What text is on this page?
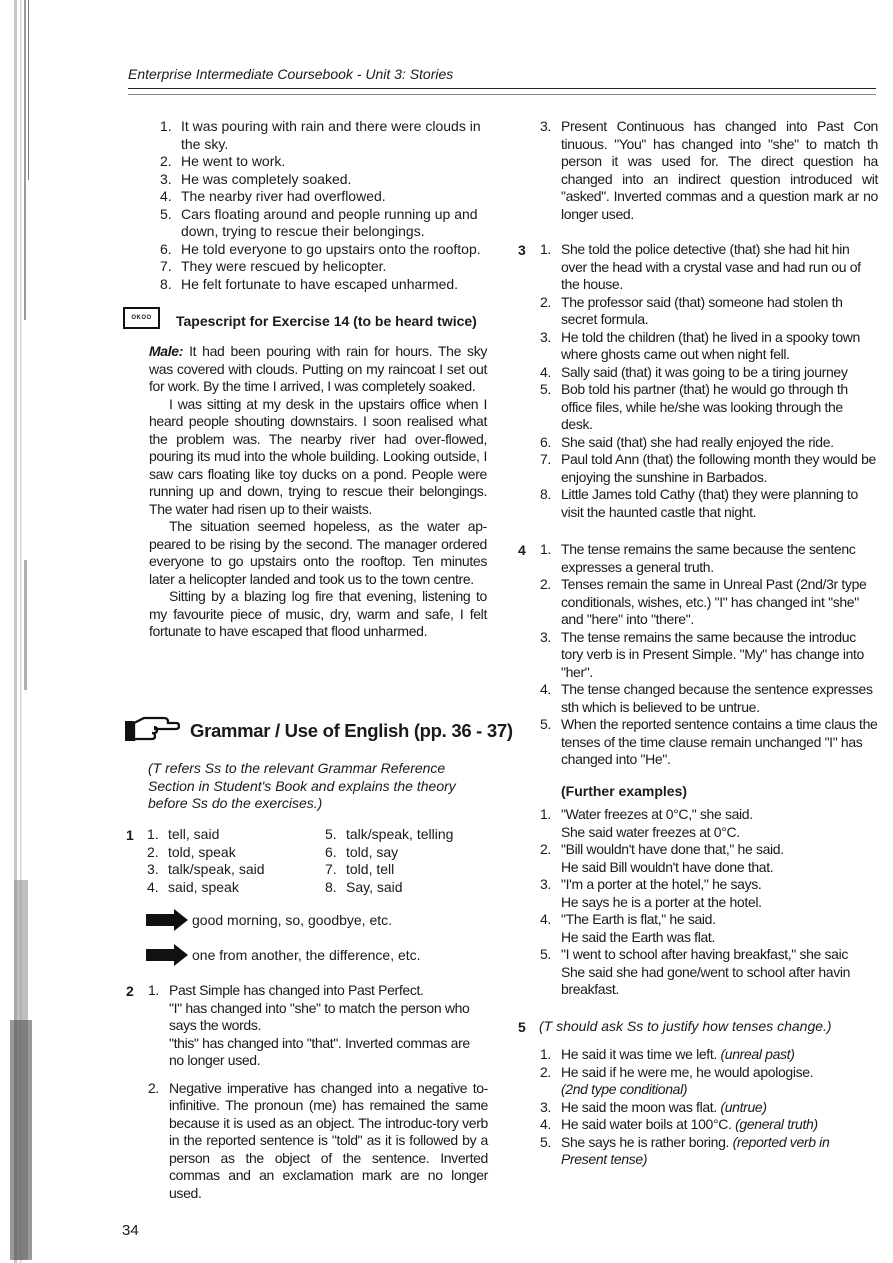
Enterprise Intermediate Coursebook - Unit 3: Stories
1. It was pouring with rain and there were clouds in the sky.
2. He went to work.
3. He was completely soaked.
4. The nearby river had overflowed.
5. Cars floating around and people running up and down, trying to rescue their belongings.
6. He told everyone to go upstairs onto the rooftop.
7. They were rescued by helicopter.
8. He felt fortunate to have escaped unharmed.
OKOO Tapescript for Exercise 14 (to be heard twice)

Male: It had been pouring with rain for hours. The sky was covered with clouds. Putting on my raincoat I set out for work. By the time I arrived, I was completely soaked.

I was sitting at my desk in the upstairs office when I heard people shouting downstairs. I soon realised what the problem was. The nearby river had over-flowed, pouring its mud into the whole building. Looking outside, I saw cars floating like toy ducks on a pond. People were running up and down, trying to rescue their belongings. The water had risen up to their waists.

The situation seemed hopeless, as the water ap-peared to be rising by the second. The manager ordered everyone to go upstairs onto the rooftop. Ten minutes later a helicopter landed and took us to the town centre.

Sitting by a blazing log fire that evening, listening to my favourite piece of music, dry, warm and safe, I felt fortunate to have escaped that flood unharmed.

Grammar / Use of English (pp. 36 - 37)
(T refers Ss to the relevant Grammar Reference Section in Student's Book and explains the theory before Ss do the exercises.)
1 1. tell, said
2. told, speak
3. talk/speak, said
4. said, speak
5. talk/speak, telling
6. told, say
7. told, tell
8. Say, said
good morning, so, goodbye, etc.
one from another, the difference, etc.
2 1. Past Simple has changed into Past Perfect.
"I" has changed into "she" to match the person who says the words.
"this" has changed into "that". Inverted commas are no longer used.
2. Negative imperative has changed into a negative to-infinitive. The pronoun (me) has remained the same because it is used as an object. The introduc-tory verb in the reported sentence is "told" as it is followed by a person as the object of the sentence. Inverted commas and an exclamation mark are no longer used.
34
3. Present Continuous has changed into Past Con tinuous. "You" has changed into "she" to match th person it was used for. The direct question ha changed into an indirect question introduced wit "asked". Inverted commas and a question mark ar no longer used.
3 1. She told the police detective (that) she had hit hin over the head with a crystal vase and had run ou of the house.
2. The professor said (that) someone had stolen th secret formula.
3. He told the children (that) he lived in a spooky town where ghosts came out when night fell.
4. Sally said (that) it was going to be a tiring journey
5. Bob told his partner (that) he would go through th office files, while he/she was looking through the desk.
6. She said (that) she had really enjoyed the ride.
7. Paul told Ann (that) the following month they would be enjoying the sunshine in Barbados.
8. Little James told Cathy (that) they were planning to visit the haunted castle that night.
4 1. The tense remains the same because the sentenc expresses a general truth.
2. Tenses remain the same in Unreal Past (2nd/3r type conditionals, wishes, etc.) "I" has changed int "she" and "here" into "there".
3. The tense remains the same because the introduc tory verb is in Present Simple. "My" has change into "her".
4. The tense changed because the sentence expresses sth which is believed to be untrue.
5. When the reported sentence contains a time claus the tenses of the time clause remain unchanged "I" has changed into "He".
(Further examples)
1. "Water freezes at 0°C," she said.
She said water freezes at 0°C.
2. "Bill wouldn't have done that," he said.
He said Bill wouldn't have done that.
3. "I'm a porter at the hotel," he says.
He says he is a porter at the hotel.
4. "The Earth is flat," he said.
He said the Earth was flat.
5. "I went to school after having breakfast," she saic
She said she had gone/went to school after havin breakfast.
5 (T should ask Ss to justify how tenses change.)
1. He said it was time we left. (unreal past)
2. He said if he were me, he would apologise.
(2nd type conditional)
3. He said the moon was flat. (untrue)
4. He said water boils at 100°C. (general truth)
5. She says he is rather boring. (reported verb in Present tense)
